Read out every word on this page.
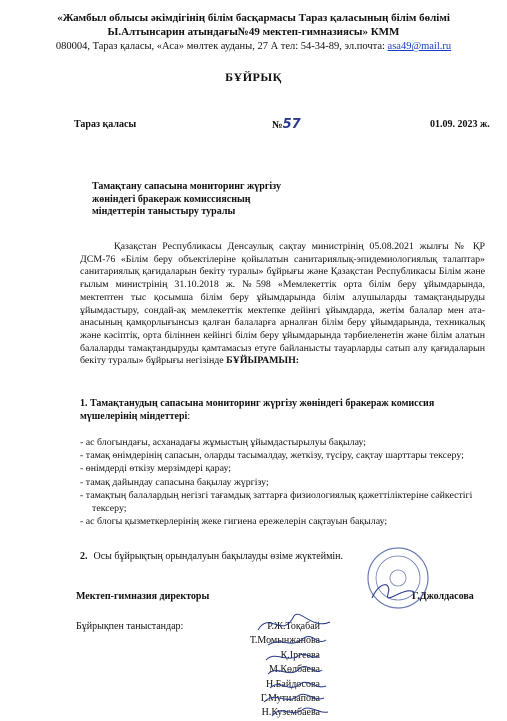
«Жамбыл облысы әкімдігінің білім басқармасы Тараз қаласының білім бөлімі
Ы.Алтынсарин атындағы№49 мектеп-гимназиясы» КММ
080004, Тараз қаласы, «Аса» мөлтек ауданы, 27 А тел: 54-34-89, эл.почта: asa49@mail.ru
БҰЙРЫҚ
Тараз қаласы	№57	01.09. 2023 ж.
Тамақтану сапасына мониторинг жүргізу жөніндегі бракераж комиссиясның міндеттерін таныстыру туралы
Қазақстан Республикасы Денсаулық сақтау министрінің 05.08.2021 жылғы № ҚР ДСМ-76 «Білім беру объектілеріне қойылатын санитариялық-эпидемиологиялық талаптар» санитариялық қағидаларын бекіту туралы» бұйрығы және Қазақстан Республикасы Білім және ғылым министрінің 31.10.2018 ж. №598 «Мемлекеттік орта білім беру ұйымдарында, мектептен тыс қосымша білім беру ұйымдарында білім алушыларды тамақтандыруды ұйымдастыру, сондай-ақ мемлекеттік мектепке дейінгі ұйымдарда, жетім балалар мен ата-анасының қамқорлығынсыз қалған балаларға арналған білім беру ұйымдарында, техникалық және кәсіптік, орта біліннен кейінгі білім беру ұйымдарында тәрбиеленетін және білім алатын балаларды тамақтандыруды қамтамасыз етуге байланысты тауарларды сатып алу қағидаларын бекіту туралы» бұйрығы негізінде БҰЙЫРАМЫН:
1. Тамақтанудың сапасына мониторинг жүргізу жөніндегі бракераж комиссия мүшелерінің міндеттері:
- ас блогындағы, асханадағы жұмыстың ұйымдастырылуы бақылау;
- тамақ өнімдерінің сапасын, оларды тасымалдау, жеткізу, түсіру, сақтау шарттары тексеру;
- өнімдерді өткізу мерзімдері қарау;
- тамақ дайындау сапасына бақылау жүргізу;
- тамақтың балалардың негізгі тағамдық заттарға физиологиялық қажеттіліктеріне сәйкестігі тексеру;
- ас блогы қызметкерлерінің жеке гигиена ережелерін сақтауын бақылау;
2. Осы бұйрықтың орындалуын бақылауды өзіме жүктеймін.
Мектеп-гимназия директоры	Г.Джолдасова
Бұйрықпен таныстандар:	Р.Ж.Тоқабай
Т.Момынжанова
Қ.Іргеева
М.Көлбаева
Н.Байдосова
Г.Мутилапова
Н.Кузембаева
